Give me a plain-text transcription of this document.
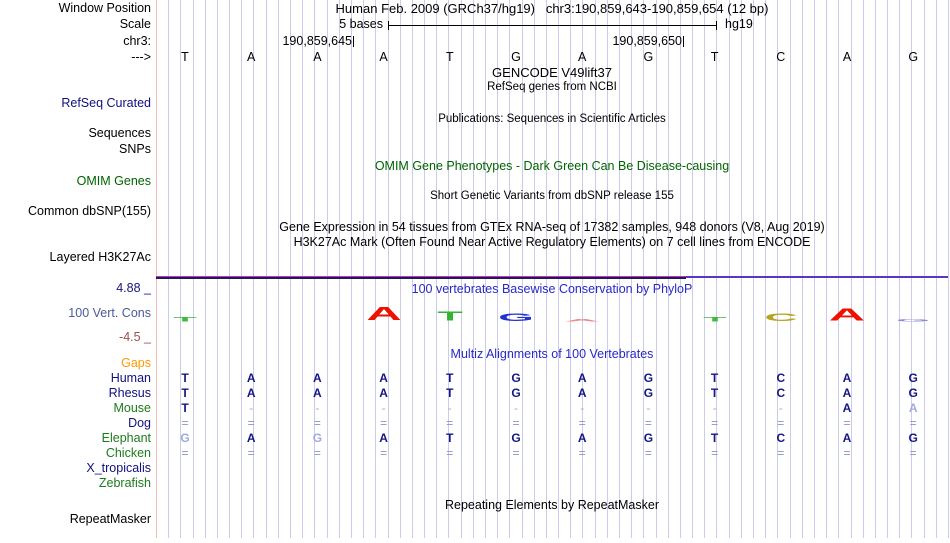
Human Feb. 2009 (GRCh37/hg19)   chr3:190,859,643-190,859,654 (12 bp)
5 bases	hg19
190,859,645	190,859,650
Window Position
Scale
chr3:
--->
RefSeq Curated
Sequences
SNPs
OMIM Genes
Common dbSNP(155)
Layered H3K27Ac
4.88 _
100 Vert. Cons
-4.5 _
RepeatMasker
GENCODE V49lift37
RefSeq genes from NCBI
Publications: Sequences in Scientific Articles
OMIM Gene Phenotypes - Dark Green Can Be Disease-causing
Short Genetic Variants from dbSNP release 155
Gene Expression in 54 tissues from GTEx RNA-seq of 17382 samples, 948 donors (V8, Aug 2019)
H3K27Ac Mark (Often Found Near Active Regulatory Elements) on 7 cell lines from ENCODE
100 vertebrates Basewise Conservation by PhyloP
Multiz Alignments of 100 Vertebrates
Repeating Elements by RepeatMasker
T	A	A	A	T	G	A	G	T	C	A	G
T	A T G A	T C A G
Gaps
Human	T	A	A	A	T	G	A	G	T	C	A	G
Rhesus	T	A	A	A	T	G	A	G	T	C	A	G
Mouse	T	-	-	-	-	-	-	-	-	-	A	A
Dog	=	=	=	=	=	=	=	=	=	=	=	=
Elephant	G	A	G	A	T	G	A	G	T	C	A	G
Chicken	=	=	=	=	=	=	=	=	=	=	=	=
X_tropicalis
Zebrafish
